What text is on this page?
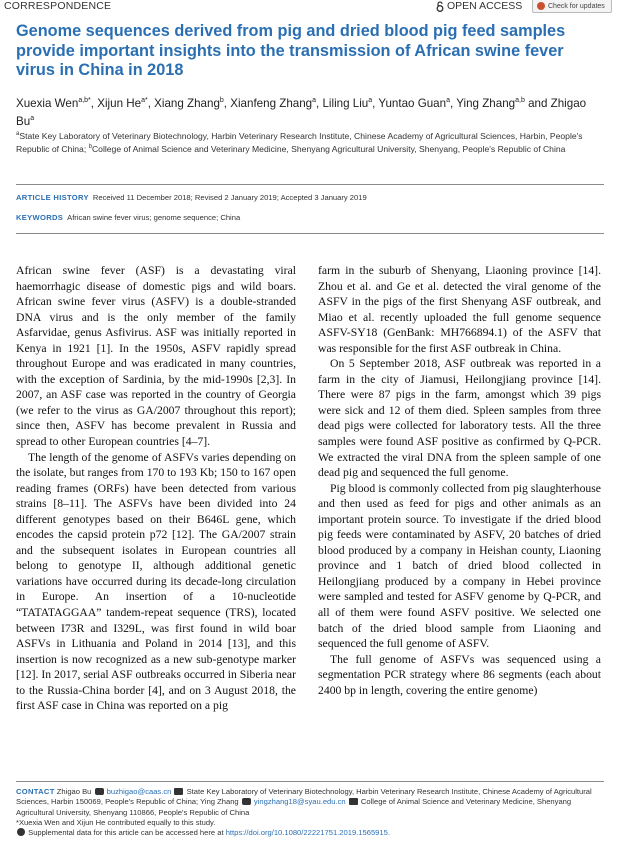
CORRESPONDENCE	OPEN ACCESS	Check for updates
Genome sequences derived from pig and dried blood pig feed samples provide important insights into the transmission of African swine fever virus in China in 2018
Xuexia Wen$^{a,b*}$, Xijun $He^{a*}$, Xiang Zhang$^b$, Xianfeng Zhang$^a$, Liling Liu$^a$, Yuntao Guan$^a$, Ying Zhang$^{a,b}$ and Zhigao Bu$^a$
$^a$State Key Laboratory of Veterinary Biotechnology, Harbin Veterinary Research Institute, Chinese Academy of Agricultural Sciences, Harbin, People's Republic of China; $^b$College of Animal Science and Veterinary Medicine, Shenyang Agricultural University, Shenyang, People's Republic of China
ARTICLE HISTORY Received 11 December 2018; Revised 2 January 2019; Accepted 3 January 2019
KEYWORDS African swine fever virus; genome sequence; China

African swine fever (ASF) is a devastating viral haemorrhagic disease of domestic pigs and wild boars. African swine fever virus (ASFV) is a double-stranded DNA virus and is the only member of the family Asfarvidae, genus Asfivirus. ASF was initially reported in Kenya in 1921 [1]. In the 1950s, ASFV rapidly spread throughout Europe and was eradicated in many countries, with the exception of Sardinia, by the mid-1990s [2,3]. In 2007, an ASF case was reported in the country of Georgia (we refer to the virus as GA/2007 throughout this report); since then, ASFV has become prevalent in Russia and spread to other European countries [4–7].

The length of the genome of ASFVs varies depending on the isolate, but ranges from 170 to 193 Kb; 150 to 167 open reading frames (ORFs) have been detected from various strains [8–11]. The ASFVs have been divided into 24 different genotypes based on their B646L gene, which encodes the capsid protein p72 [12]. The GA/2007 strain and the subsequent isolates in European countries all belong to genotype II, although additional genetic variations have occurred during its decade-long circulation in Europe. An insertion of a 10-nucleotide “TATATAGGAA” tandem-repeat sequence (TRS), located between I73R and I329L, was first found in wild boar ASFVs in Lithuania and Poland in 2014 [13], and this insertion is now recognized as a new sub-genotype marker [12]. In 2017, serial ASF outbreaks occurred in Siberia near to the Russia-China border [4], and on 3 August 2018, the first ASF case in China was reported on a pig

farm in the suburb of Shenyang, Liaoning province [14]. Zhou et al. and Ge et al. detected the viral genome of the ASFV in the pigs of the first Shenyang ASF outbreak, and Miao et al. recently uploaded the full genome sequence ASFV-SY18 (GenBank: MH766894.1) of the ASFV that was responsible for the first ASF outbreak in China.

On 5 September 2018, ASF outbreak was reported in a farm in the city of Jiamusi, Heilongjiang province [14]. There were 87 pigs in the farm, amongst which 39 pigs were sick and 12 of them died. Spleen samples from three dead pigs were collected for laboratory tests. All the three samples were found ASF positive as confirmed by Q-PCR. We extracted the viral DNA from the spleen sample of one dead pig and sequenced the full genome.

Pig blood is commonly collected from pig slaughterhouse and then used as feed for pigs and other animals as an important protein source. To investigate if the dried blood pig feeds were contaminated by ASFV, 20 batches of dried blood produced by a company in Heishan county, Liaoning province and 1 batch of dried blood collected in Heilongjiang produced by a company in Hebei province were sampled and tested for ASFV genome by Q-PCR, and all of them were found ASFV positive. We selected one batch of the dried blood sample from Liaoning and sequenced the full genome of ASFV.

The full genome of ASFVs was sequenced using a segmentation PCR strategy where 86 segments (each about 2400 bp in length, covering the entire genome)

CONTACT Zhigao Bu buzhigao@caas.cn State Key Laboratory of Veterinary Biotechnology, Harbin Veterinary Research Institute, Chinese Academy of Agricultural Sciences, Harbin 150069, People's Republic of China; Ying Zhang yingzhang18@syau.edu.cn College of Animal Science and Veterinary Medicine, Shenyang Agricultural University, Shenyang 110866, People's Republic of China
*Xuexia Wen and Xijun He contributed equally to this study.
Supplemental data for this article can be accessed here at https://doi.org/10.1080/22221751.2019.1565915.
